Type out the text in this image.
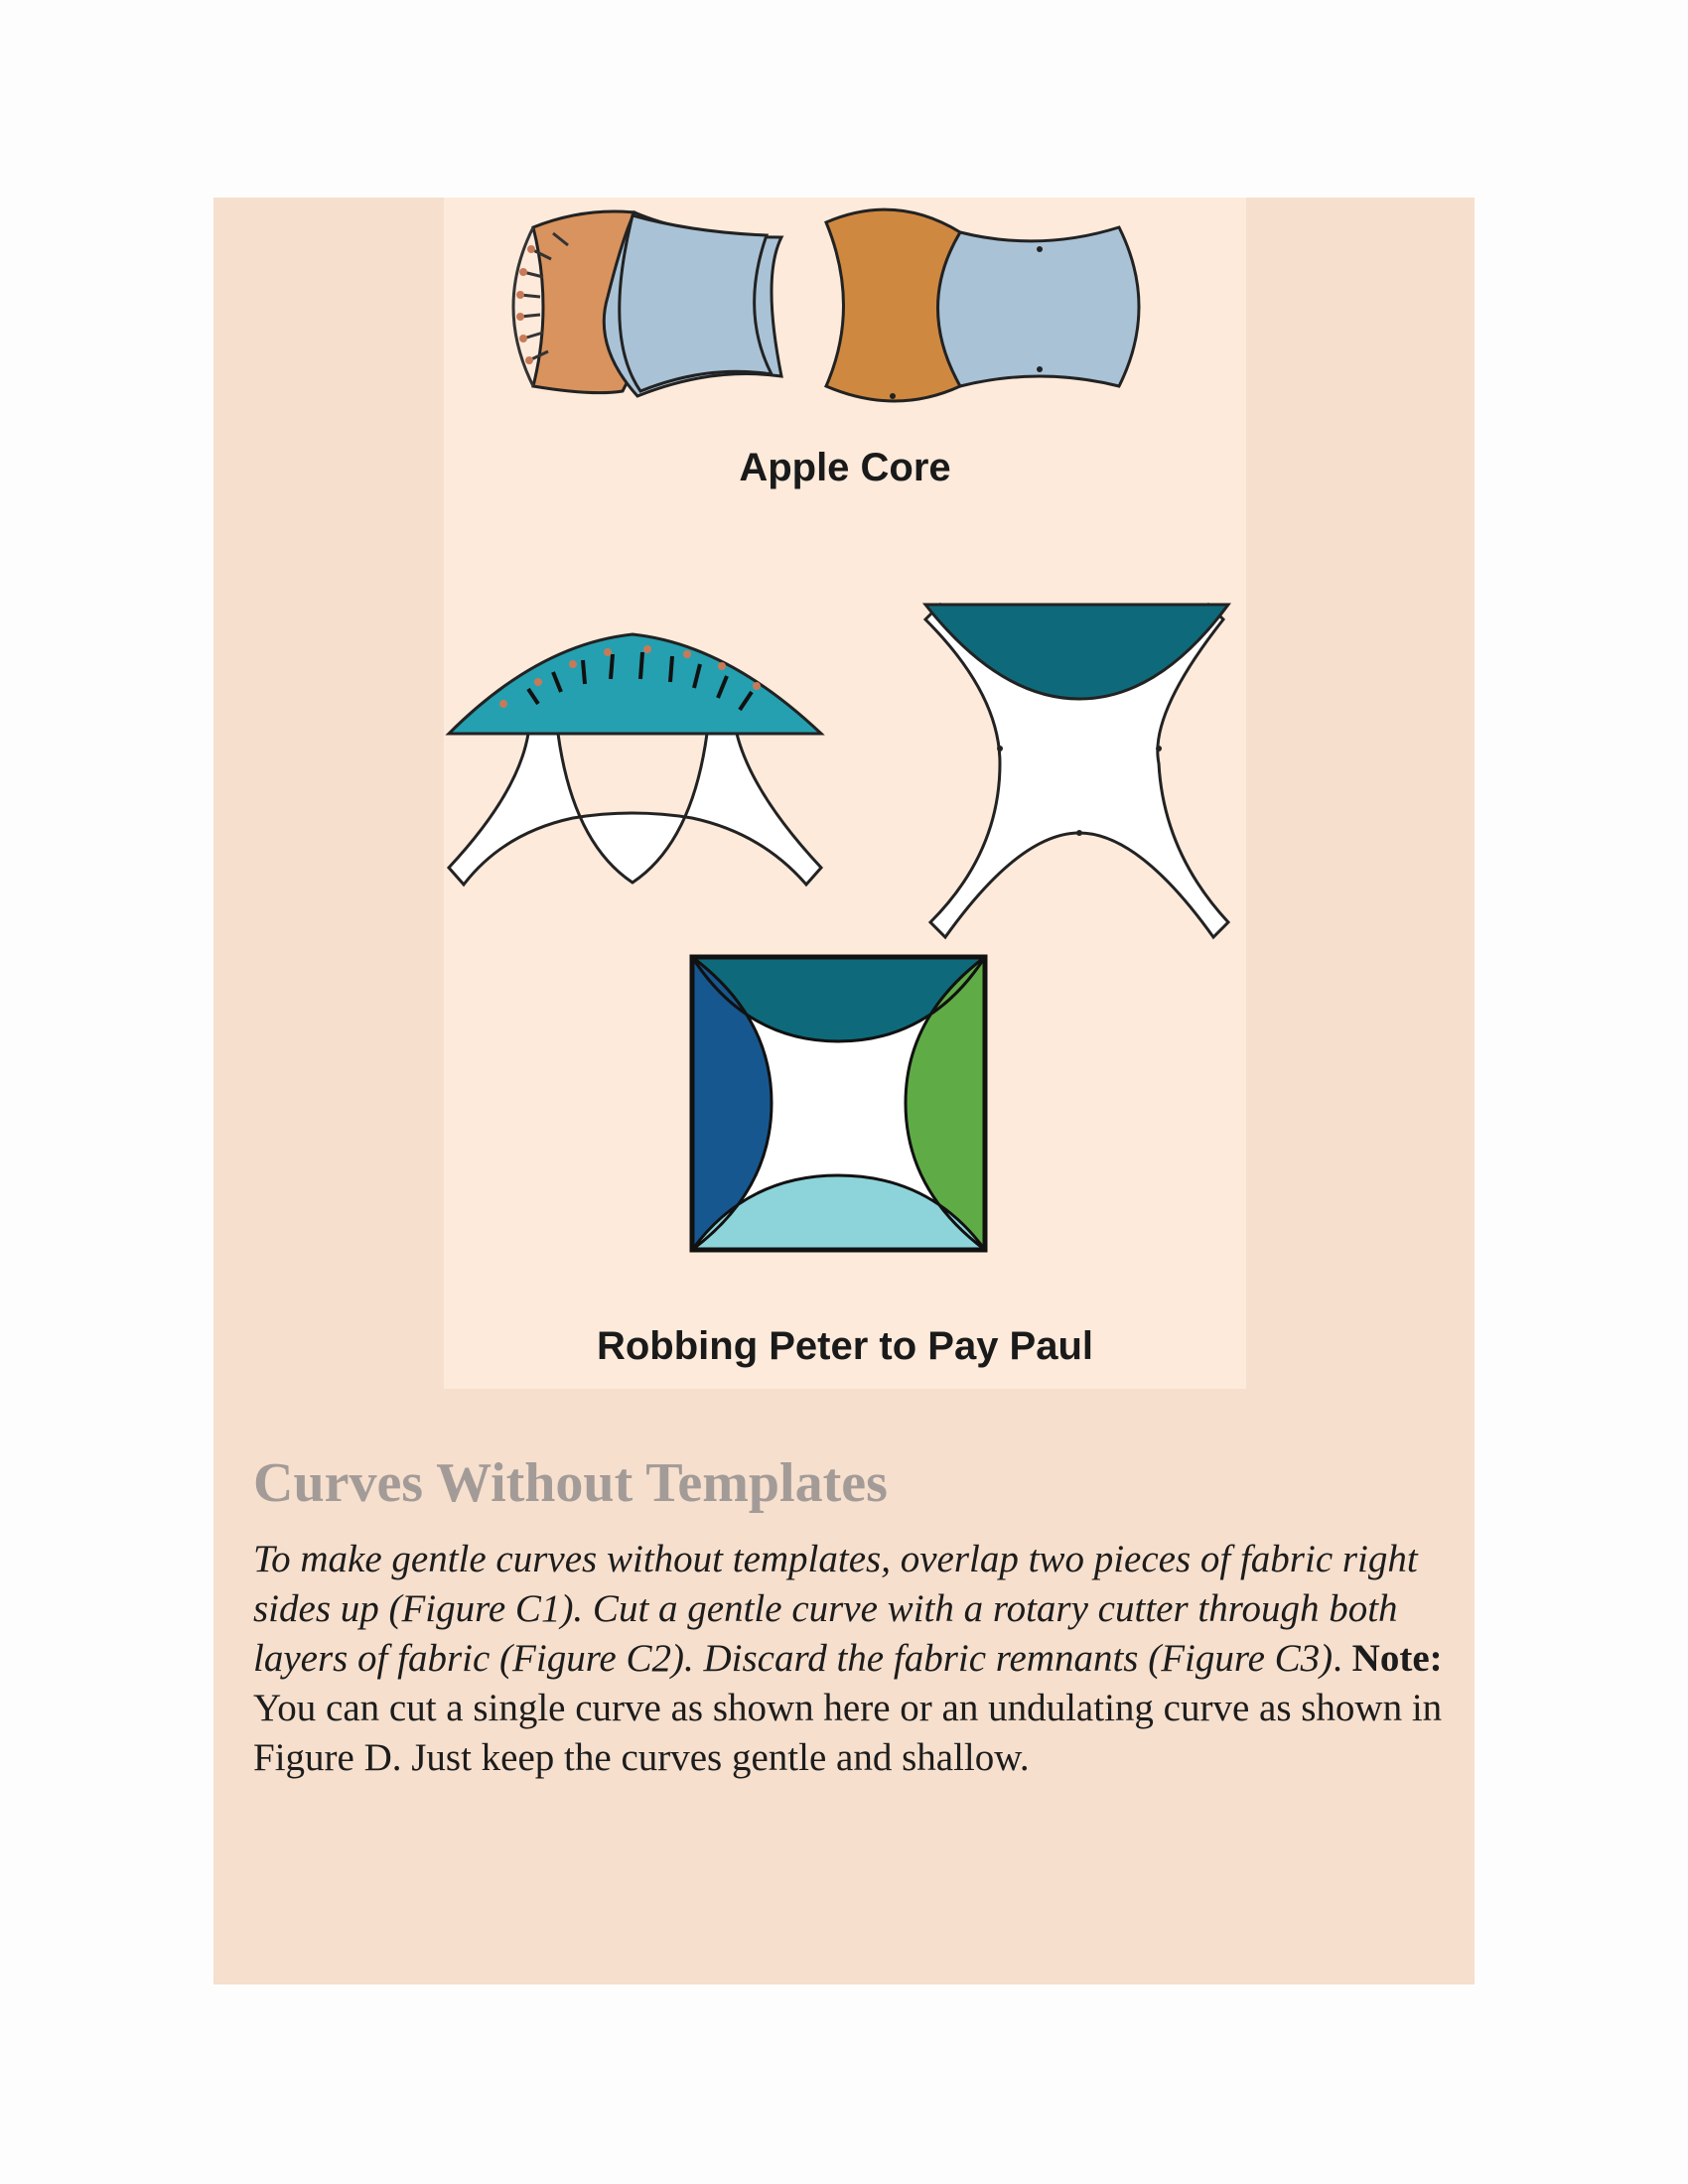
Apple Core
Robbing Peter to Pay Paul
Curves Without Templates

To make gentle curves without templates, overlap two pieces of fabric right sides up (Figure C1). Cut a gentle curve with a rotary cutter through both layers of fabric (Figure C2). Discard the fabric remnants (Figure C3). Note: You can cut a single curve as shown here or an undulating curve as shown in Figure D. Just keep the curves gentle and shallow.
